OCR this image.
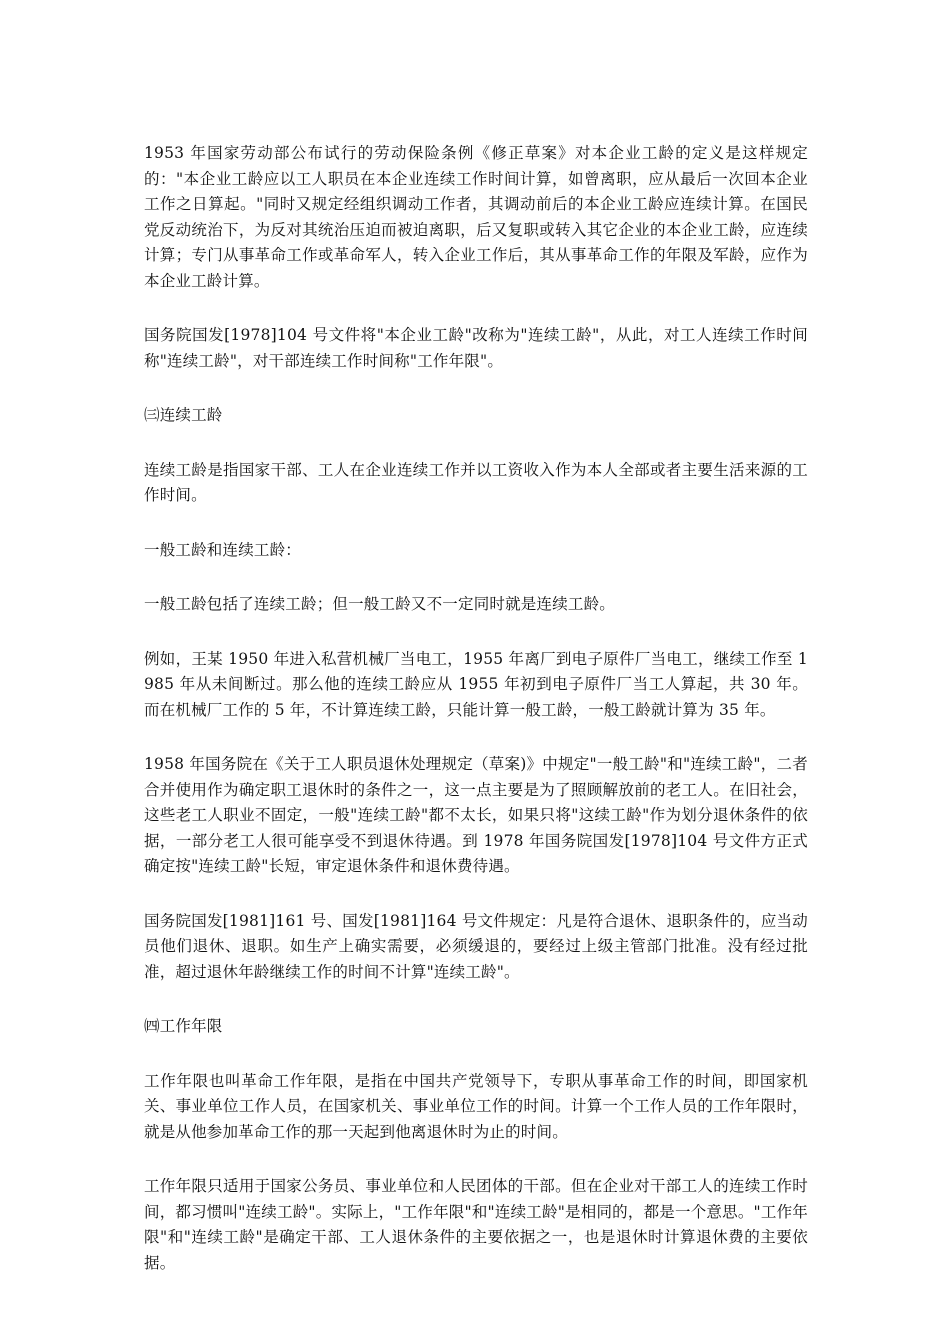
1953 年国家劳动部公布试行的劳动保险条例《修正草案》对本企业工龄的定义是这样规定的："本企业工龄应以工人职员在本企业连续工作时间计算，如曾离职，应从最后一次回本企业工作之日算起。"同时又规定经组织调动工作者，其调动前后的本企业工龄应连续计算。在国民党反动统治下，为反对其统治压迫而被迫离职，后又复职或转入其它企业的本企业工龄，应连续计算；专门从事革命工作或革命军人，转入企业工作后，其从事革命工作的年限及军龄，应作为本企业工龄计算。

国务院国发[1978]104 号文件将"本企业工龄"改称为"连续工龄"，从此，对工人连续工作时间称"连续工龄"，对干部连续工作时间称"工作年限"。

㈢连续工龄

连续工龄是指国家干部、工人在企业连续工作并以工资收入作为本人全部或者主要生活来源的工作时间。

一般工龄和连续工龄：

一般工龄包括了连续工龄；但一般工龄又不一定同时就是连续工龄。

例如，王某 1950 年进入私营机械厂当电工，1955 年离厂到电子原件厂当电工，继续工作至 1985 年从未间断过。那么他的连续工龄应从 1955 年初到电子原件厂当工人算起，共 30 年。而在机械厂工作的 5 年，不计算连续工龄，只能计算一般工龄，一般工龄就计算为 35 年。

1958 年国务院在《关于工人职员退休处理规定（草案)》中规定"一般工龄"和"连续工龄"，二者合并使用作为确定职工退休时的条件之一，这一点主要是为了照顾解放前的老工人。在旧社会，这些老工人职业不固定，一般"连续工龄"都不太长，如果只将"这续工龄"作为划分退休条件的依据，一部分老工人很可能享受不到退休待遇。到 1978 年国务院国发[1978]104 号文件方正式确定按"连续工龄"长短，审定退休条件和退休费待遇。

国务院国发[1981]161 号、国发[1981]164 号文件规定：凡是符合退休、退职条件的，应当动员他们退休、退职。如生产上确实需要，必须缓退的，要经过上级主管部门批准。没有经过批准，超过退休年龄继续工作的时间不计算"连续工龄"。

㈣工作年限

工作年限也叫革命工作年限，是指在中国共产党领导下，专职从事革命工作的时间，即国家机关、事业单位工作人员，在国家机关、事业单位工作的时间。计算一个工作人员的工作年限时，就是从他参加革命工作的那一天起到他离退休时为止的时间。

工作年限只适用于国家公务员、事业单位和人民团体的干部。但在企业对干部工人的连续工作时间，都习惯叫"连续工龄"。实际上，"工作年限"和"连续工龄"是相同的，都是一个意思。"工作年限"和"连续工龄"是确定干部、工人退休条件的主要依据之一，也是退休时计算退休费的主要依据。
